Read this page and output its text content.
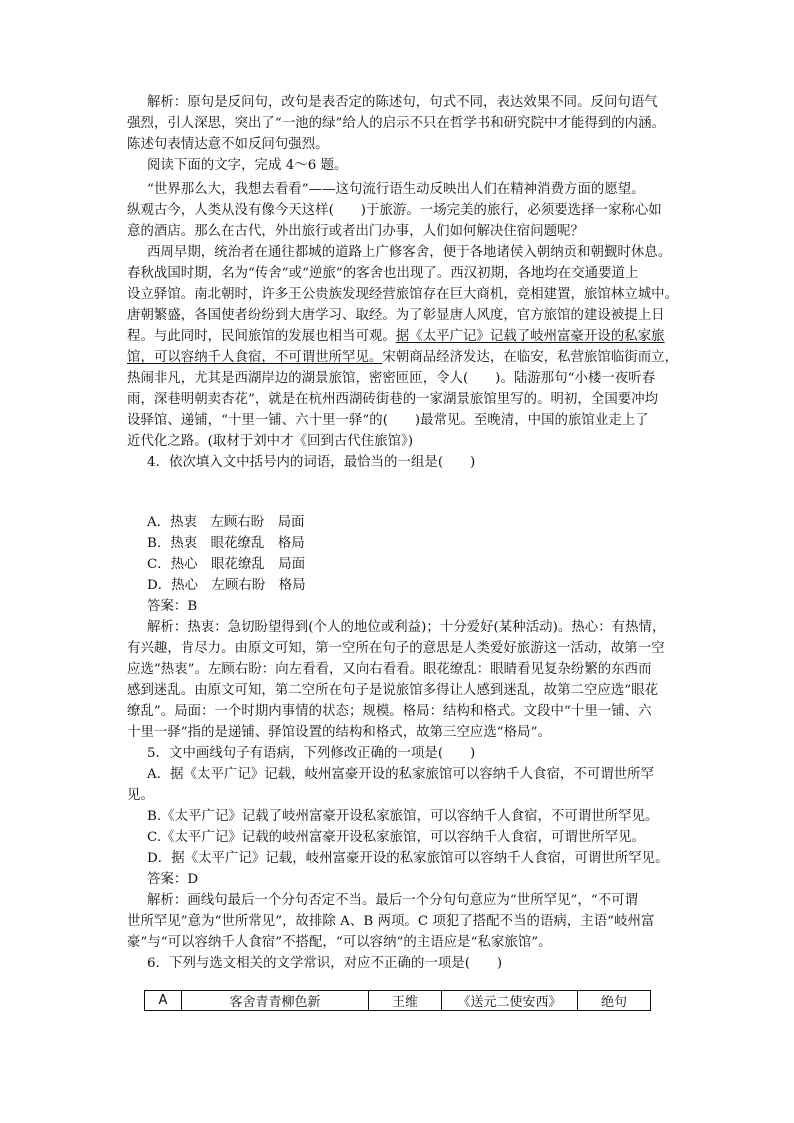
解析：原句是反问句，改句是表否定的陈述句，句式不同，表达效果不同。反问句语气
强烈，引人深思，突出了“一池的绿”给人的启示不只在哲学书和研究院中才能得到的内涵。
陈述句表情达意不如反问句强烈。
阅读下面的文字，完成 4～6 题。
“世界那么大，我想去看看”——这句流行语生动反映出人们在精神消费方面的愿望。
纵观古今，人类从没有像今天这样(　　)于旅游。一场完美的旅行，必须要选择一家称心如
意的酒店。那么在古代，外出旅行或者出门办事，人们如何解决住宿问题呢？
西周早期，统治者在通往都城的道路上广修客舍，便于各地诸侯入朝纳贡和朝觐时休息。
春秋战国时期，名为“传舍”或“逆旅”的客舍也出现了。西汉初期，各地均在交通要道上
设立驿馆。南北朝时，许多王公贵族发现经营旅馆存在巨大商机，竞相建置，旅馆林立城中。
唐朝繁盛，各国使者纷纷到大唐学习、取经。为了彰显唐人风度，官方旅馆的建设被提上日
程。与此同时，民间旅馆的发展也相当可观。据《太平广记》记载了岐州富豪开设的私家旅
馆，可以容纳千人食宿，不可谓世所罕见。宋朝商品经济发达，在临安，私营旅馆临街而立，
热闹非凡，尤其是西湖岸边的湖景旅馆，密密匝匝，令人(　　)。陆游那句“小楼一夜听春
雨，深巷明朝卖杏花”，就是在杭州西湖砖街巷的一家湖景旅馆里写的。明初，全国要冲均
设驿馆、递铺，“十里一铺、六十里一驿”的(　　)最常见。至晚清，中国的旅馆业走上了
近代化之路。(取材于刘中才《回到古代住旅馆》)
4．依次填入文中括号内的词语，最恰当的一组是(　　)
A．热衷　左顾右盼　局面
B．热衷　眼花缭乱　格局
C．热心　眼花缭乱　局面
D．热心　左顾右盼　格局
答案：B
解析：热衷：急切盼望得到(个人的地位或利益)；十分爱好(某种活动)。热心：有热情，
有兴趣，肯尽力。由原文可知，第一空所在句子的意思是人类爱好旅游这一活动，故第一空
应选“热衷”。左顾右盼：向左看看，又向右看看。眼花缭乱：眼睛看见复杂纷繁的东西而
感到迷乱。由原文可知，第二空所在句子是说旅馆多得让人感到迷乱，故第二空应选“眼花
缭乱”。局面：一个时期内事情的状态；规模。格局：结构和格式。文段中“十里一铺、六
十里一驿”指的是递铺、驿馆设置的结构和格式，故第三空应选“格局”。
5．文中画线句子有语病，下列修改正确的一项是(　　)
A．据《太平广记》记载，岐州富豪开设的私家旅馆可以容纳千人食宿，不可谓世所罕
见。
B.《太平广记》记载了岐州富豪开设私家旅馆，可以容纳千人食宿，不可谓世所罕见。
C.《太平广记》记载的岐州富豪开设私家旅馆，可以容纳千人食宿，可谓世所罕见。
D．据《太平广记》记载，岐州富豪开设的私家旅馆可以容纳千人食宿，可谓世所罕见。
答案：D
解析：画线句最后一个分句否定不当。最后一个分句句意应为“世所罕见”，“不可谓
世所罕见”意为“世所常见”，故排除 A、B 两项。C 项犯了搭配不当的语病，主语“岐州富
豪”与“可以容纳千人食宿”不搭配，“可以容纳”的主语应是“私家旅馆”。
6．下列与选文相关的文学常识，对应不正确的一项是(　　)
A	客舍青青柳色新	王维	《送元二使安西》	绝句
